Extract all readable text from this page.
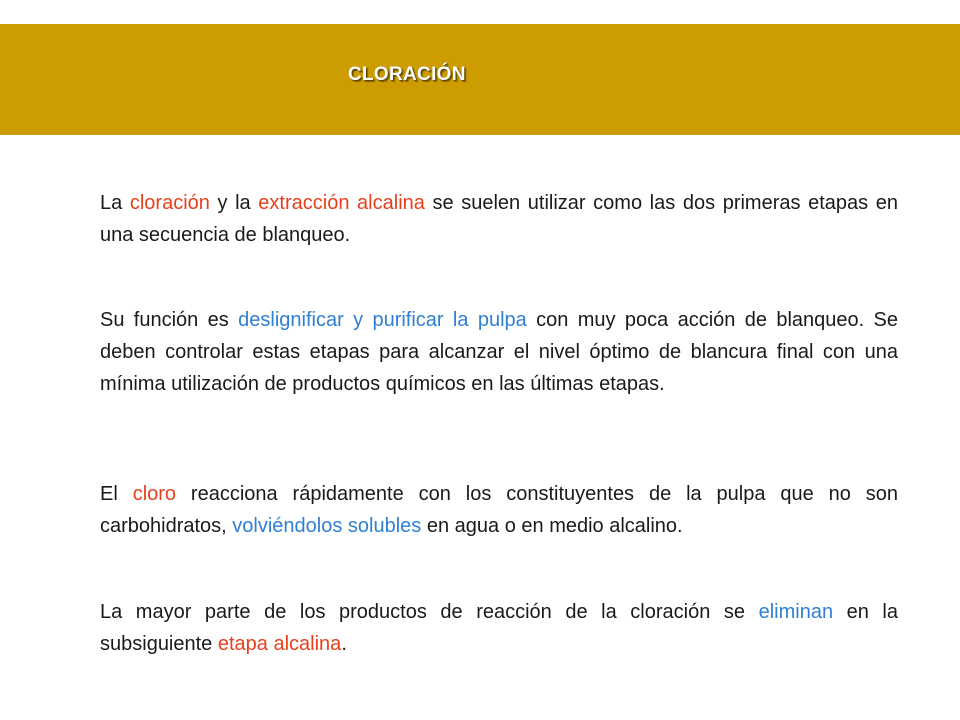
CLORACIÓN

La cloración y la extracción alcalina se suelen utilizar como las dos primeras etapas en una secuencia de blanqueo.

Su función es deslignificar y purificar la pulpa con muy poca acción de blanqueo. Se deben controlar estas etapas para alcanzar el nivel óptimo de blancura final con una mínima utilización de productos químicos en las últimas etapas.

El cloro reacciona rápidamente con los constituyentes de la pulpa que no son carbohidratos, volviéndolos solubles en agua o en medio alcalino.

La mayor parte de los productos de reacción de la cloración se eliminan en la subsiguiente etapa alcalina.
